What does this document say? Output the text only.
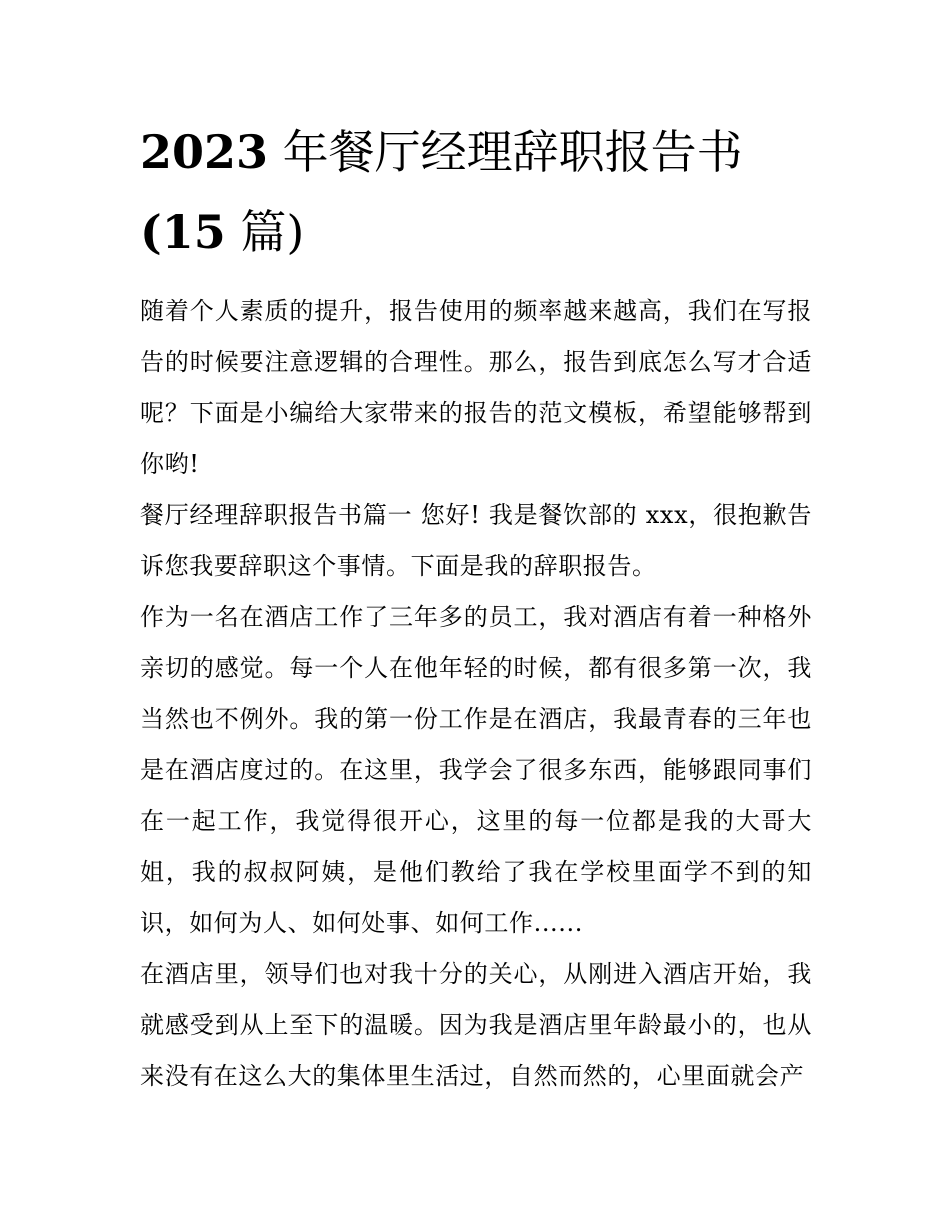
2023 年餐厅经理辞职报告书
(15 篇)

随着个人素质的提升，报告使用的频率越来越高，我们在写报告的时候要注意逻辑的合理性。那么，报告到底怎么写才合适呢？下面是小编给大家带来的报告的范文模板，希望能够帮到你哟!

餐厅经理辞职报告书篇一 您好! 我是餐饮部的 xxx，很抱歉告诉您我要辞职这个事情。下面是我的辞职报告。

作为一名在酒店工作了三年多的员工，我对酒店有着一种格外亲切的感觉。每一个人在他年轻的时候，都有很多第一次，我当然也不例外。我的第一份工作是在酒店，我最青春的三年也是在酒店度过的。在这里，我学会了很多东西，能够跟同事们在一起工作，我觉得很开心，这里的每一位都是我的大哥大姐，我的叔叔阿姨，是他们教给了我在学校里面学不到的知识，如何为人、如何处事、如何工作......

在酒店里，领导们也对我十分的关心，从刚进入酒店开始，我就感受到从上至下的温暖。因为我是酒店里年龄最小的，也从来没有在这么大的集体里生活过，自然而然的，心里面就会产
